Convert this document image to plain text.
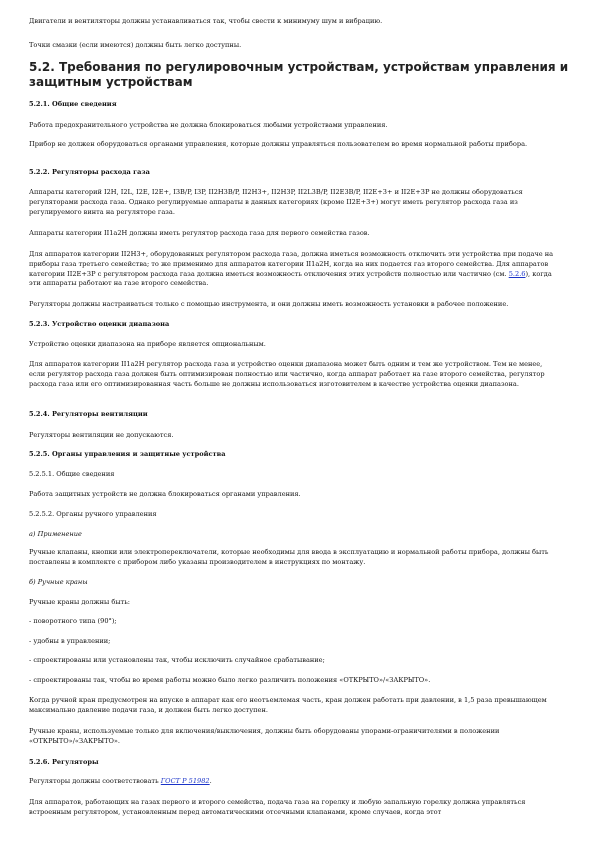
Двигатели и вентиляторы должны устанавливаться так, чтобы свести к минимуму шум и вибрацию.

Точки смазки (если имеются) должны быть легко доступны.

5.2. Требования по регулировочным устройствам, устройствам управления и защитным устройствам

5.2.1. Общие сведения

Работа предохранительного устройства не должна блокироваться любыми устройствами управления.

Прибор не должен оборудоваться органами управления, которые должны управляться пользователем во время нормальной работы прибора.

5.2.2. Регуляторы расхода газа

Аппараты категорий I2H, I2L, I2E, I2E+, I3B/P, I3P, II2H3B/P, II2H3+, II2H3P, II2L3B/P, II2E3B/P, II2E+3+ и II2E+3P не должны оборудоваться регуляторами расхода газа. Однако регулируемые аппараты в данных категориях (кроме II2E+3+) могут иметь регулятор расхода газа из регулируемого винта на регуляторе газа.

Аппараты категории II1a2H должны иметь регулятор расхода газа для первого семейства газов.

Для аппаратов категории II2H3+, оборудованных регулятором расхода газа, должна иметься возможность отключить эти устройства при подаче на приборы газа третьего семейства; то же применимо для аппаратов категории II1a2H, когда на них подается газ второго семейства. Для аппаратов категории II2E+3P с регулятором расхода газа должна иметься возможность отключения этих устройств полностью или частично (см. 5.2.6), когда эти аппараты работают на газе второго семейства.

Регуляторы должны настраиваться только с помощью инструмента, и они должны иметь возможность установки в рабочее положение.

5.2.3. Устройство оценки диапазона

Устройство оценки диапазона на приборе является опциональным.

Для аппаратов категории II1a2H регулятор расхода газа и устройство оценки диапазона может быть одним и тем же устройством. Тем не менее, если регулятор расхода газа должен быть оптимизирован полностью или частично, когда аппарат работает на газе второго семейства, регулятор расхода газа или его оптимизированная часть больше не должны использоваться изготовителем в качестве устройства оценки диапазона.

5.2.4. Регуляторы вентиляции

Регуляторы вентиляции не допускаются.

5.2.5. Органы управления и защитные устройства

5.2.5.1. Общие сведения

Работа защитных устройств не должна блокироваться органами управления.

5.2.5.2. Органы ручного управления

а) Применение

Ручные клапаны, кнопки или электропереключатели, которые необходимы для ввода в эксплуатацию и нормальной работы прибора, должны быть поставлены в комплекте с прибором либо указаны производителем в инструкциях по монтажу.

б) Ручные краны

Ручные краны должны быть:

- поворотного типа (90°);

- удобны в управлении;

- спроектированы или установлены так, чтобы исключить случайное срабатывание;

- спроектированы так, чтобы во время работы можно было легко различить положения «ОТКРЫТО»/«ЗАКРЫТО».

Когда ручной кран предусмотрен на впуске в аппарат как его неотъемлемая часть, кран должен работать при давлении, в 1,5 раза превышающем максимально давление подачи газа, и должен быть легко доступен.

Ручные краны, используемые только для включения/выключения, должны быть оборудованы упорами-ограничителями в положении «ОТКРЫТО»/«ЗАКРЫТО».

5.2.6. Регуляторы

Регуляторы должны соответствовать ГОСТ Р 51982.

Для аппаратов, работающих на газах первого и второго семейства, подача газа на горелку и любую запальную горелку должна управляться встроенным регулятором, установленным перед автоматическими отсечными клапанами, кроме случаев, когда этот
